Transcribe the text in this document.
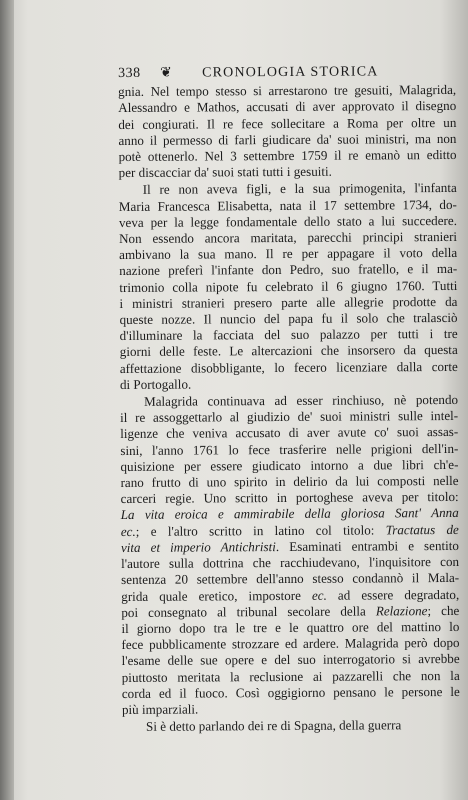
338	❦	CRONOLOGIA STORICA
gnia. Nel tempo stesso si arrestarono tre gesuiti, Malagrida,
Alessandro e Mathos, accusati di aver approvato il disegno
dei congiurati. Il re fece sollecitare a Roma per oltre un
anno il permesso di farli giudicare da' suoi ministri, ma non
potè ottenerlo. Nel 3 settembre 1759 il re emanò un editto
per discacciar da' suoi stati tutti i gesuiti.
Il re non aveva figli, e la sua primogenita, l'infanta
Maria Francesca Elisabetta, nata il 17 settembre 1734, do-
veva per la legge fondamentale dello stato a lui succedere.
Non essendo ancora maritata, parecchi principi stranieri
ambivano la sua mano. Il re per appagare il voto della
nazione preferì l'infante don Pedro, suo fratello, e il ma-
trimonio colla nipote fu celebrato il 6 giugno 1760. Tutti
i ministri stranieri presero parte alle allegrie prodotte da
queste nozze. Il nuncio del papa fu il solo che tralasciò
d'illuminare la facciata del suo palazzo per tutti i tre
giorni delle feste. Le altercazioni che insorsero da questa
affettazione disobbligante, lo fecero licenziare dalla corte
di Portogallo.
Malagrida continuava ad esser rinchiuso, nè potendo
il re assoggettarlo al giudizio de' suoi ministri sulle intel-
ligenze che veniva accusato di aver avute co' suoi assas-
sini, l'anno 1761 lo fece trasferire nelle prigioni dell'in-
quisizione per essere giudicato intorno a due libri ch'e-
rano frutto di uno spirito in delirio da lui composti nelle
carceri regie. Uno scritto in portoghese aveva per titolo:
La vita eroica e ammirabile della gloriosa Sant' Anna
ec.; e l'altro scritto in latino col titolo: Tractatus de
vita et imperio Antichristi. Esaminati entrambi e sentito
l'autore sulla dottrina che racchiudevano, l'inquisitore con
sentenza 20 settembre dell'anno stesso condannò il Mala-
grida quale eretico, impostore ec. ad essere degradato,
poi consegnato al tribunal secolare della Relazione; che
il giorno dopo tra le tre e le quattro ore del mattino lo
fece pubblicamente strozzare ed ardere. Malagrida però dopo
l'esame delle sue opere e del suo interrogatorio si avrebbe
piuttosto meritata la reclusione ai pazzarelli che non la
corda ed il fuoco. Così oggigiorno pensano le persone le
più imparziali.
Si è detto parlando dei re di Spagna, della guerra
